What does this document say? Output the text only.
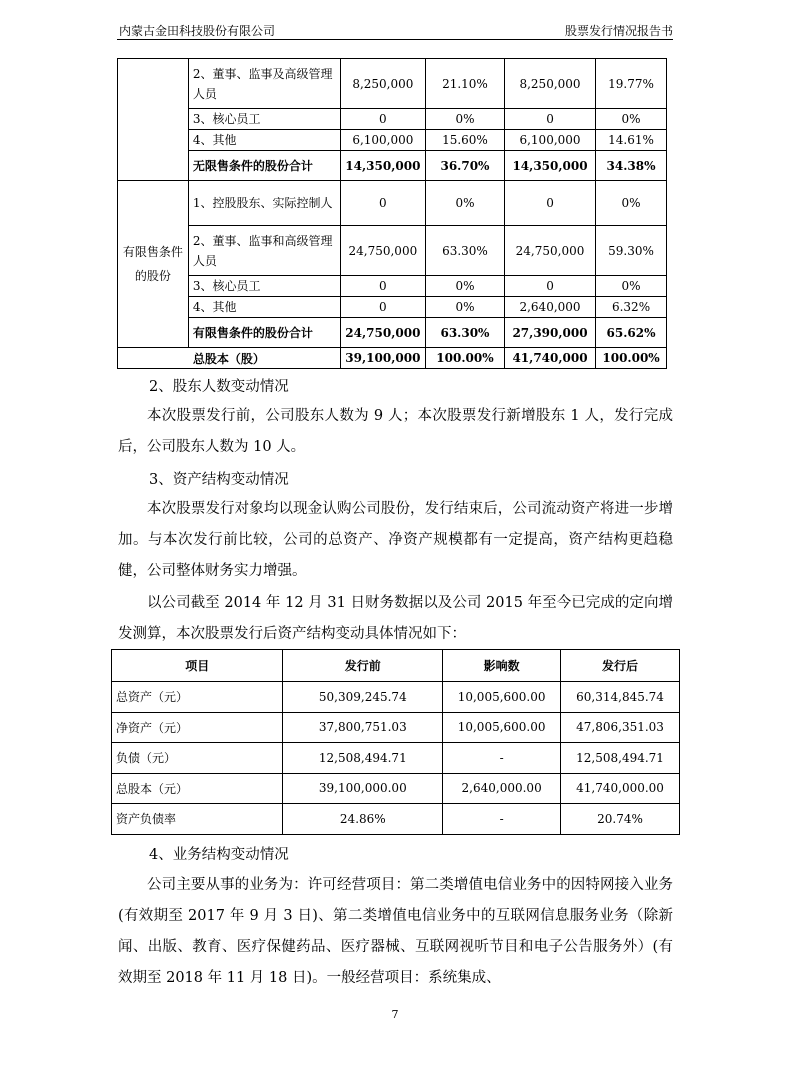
内蒙古金田科技股份有限公司	股票发行情况报告书
	2、董事、监事及高级管理人员	8,250,000	21.10%	8,250,000	19.77%
	3、核心员工	0	0%	0	0%
	4、其他	6,100,000	15.60%	6,100,000	14.61%
	无限售条件的股份合计	14,350,000	36.70%	14,350,000	34.38%
有限售条件的股份	1、控股股东、实际控制人	0	0%	0	0%
	2、董事、监事和高级管理人员	24,750,000	63.30%	24,750,000	59.30%
	3、核心员工	0	0%	0	0%
	4、其他	0	0%	2,640,000	6.32%
	有限售条件的股份合计	24,750,000	63.30%	27,390,000	65.62%
总股本（股）		39,100,000	100.00%	41,740,000	100.00%
2、股东人数变动情况
本次股票发行前，公司股东人数为 9 人；本次股票发行新增股东 1 人，发行完成后，公司股东人数为 10 人。
3、资产结构变动情况
本次股票发行对象均以现金认购公司股份，发行结束后，公司流动资产将进一步增加。与本次发行前比较，公司的总资产、净资产规模都有一定提高，资产结构更趋稳健，公司整体财务实力增强。
以公司截至 2014 年 12 月 31 日财务数据以及公司 2015 年至今已完成的定向增发测算，本次股票发行后资产结构变动具体情况如下：
项目	发行前	影响数	发行后
总资产（元）	50,309,245.74	10,005,600.00	60,314,845.74
净资产（元）	37,800,751.03	10,005,600.00	47,806,351.03
负债（元）	12,508,494.71	-	12,508,494.71
总股本（元）	39,100,000.00	2,640,000.00	41,740,000.00
资产负债率	24.86%	-	20.74%
4、业务结构变动情况
公司主要从事的业务为：许可经营项目：第二类增值电信业务中的因特网接入业务(有效期至 2017 年 9 月 3 日)、第二类增值电信业务中的互联网信息服务业务（除新闻、出版、教育、医疗保健药品、医疗器械、互联网视听节目和电子公告服务外）(有效期至 2018 年 11 月 18 日)。一般经营项目：系统集成、
7
